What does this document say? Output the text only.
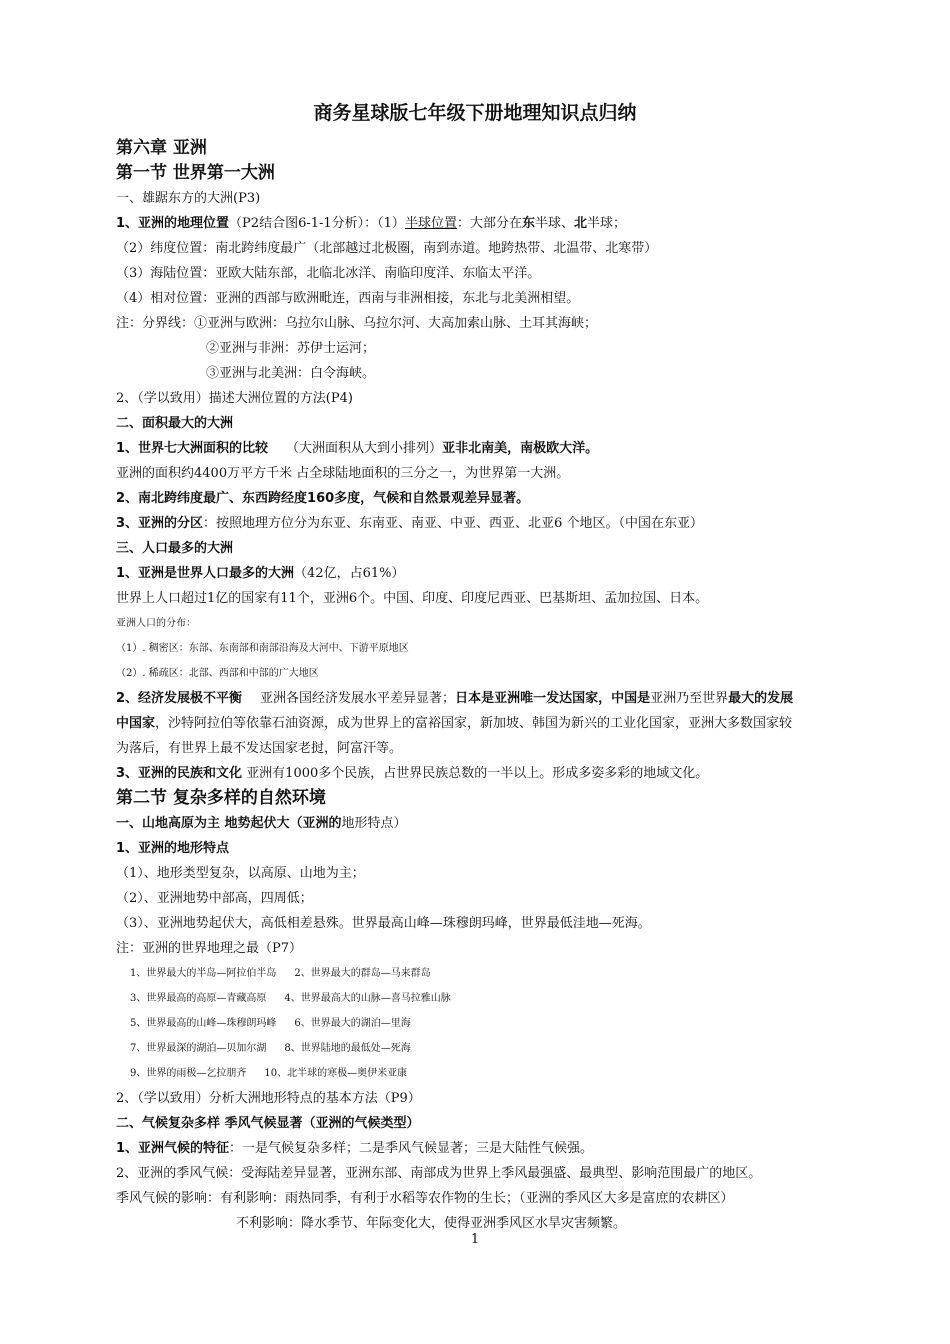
商务星球版七年级下册地理知识点归纳
第六章 亚洲
第一节 世界第一大洲
一、雄踞东方的大洲(P3)
1、亚洲的地理位置（P2结合图6-1-1分析）：（1）半球位置：大部分在东半球、北半球；
（2）纬度位置：南北跨纬度最广（北部越过北极圈，南到赤道。地跨热带、北温带、北寒带）
（3）海陆位置：亚欧大陆东部，北临北冰洋、南临印度洋、东临太平洋。
（4）相对位置：亚洲的西部与欧洲毗连，西南与非洲相接，东北与北美洲相望。
注：分界线：①亚洲与欧洲：乌拉尔山脉、乌拉尔河、大高加索山脉、土耳其海峡；
②亚洲与非洲：苏伊士运河；
③亚洲与北美洲：白令海峡。
2、（学以致用）描述大洲位置的方法(P4)
二、面积最大的大洲
1、世界七大洲面积的比较 （大洲面积从大到小排列）亚非北南美，南极欧大洋。
亚洲的面积约4400万平方千米 占全球陆地面积的三分之一，为世界第一大洲。
2、南北跨纬度最广、东西跨经度160多度，气候和自然景观差异显著。
3、亚洲的分区：按照地理方位分为东亚、东南亚、南亚、中亚、西亚、北亚6 个地区。（中国在东亚）
三、人口最多的大洲
1、亚洲是世界人口最多的大洲（42亿，占61%）
世界上人口超过1亿的国家有11个，亚洲6个。中国、印度、印度尼西亚、巴基斯坦、孟加拉国、日本。
亚洲人口的分布：
（1）. 稠密区：东部、东南部和南部沿海及大河中、下游平原地区
（2）. 稀疏区：北部、西部和中部的广大地区
2、经济发展极不平衡 亚洲各国经济发展水平差异显著；日本是亚洲唯一发达国家，中国是亚洲乃至世界最大的发展
中国家，沙特阿拉伯等依靠石油资源，成为世界上的富裕国家，新加坡、韩国为新兴的工业化国家，亚洲大多数国家较
为落后，有世界上最不发达国家老挝，阿富汗等。
3、亚洲的民族和文化 亚洲有1000多个民族，占世界民族总数的一半以上。形成多姿多彩的地域文化。
第二节 复杂多样的自然环境
一、山地高原为主 地势起伏大（亚洲的地形特点）
1、亚洲的地形特点
（1）、地形类型复杂，以高原、山地为主；
（2）、亚洲地势中部高，四周低；
（3）、亚洲地势起伏大，高低相差悬殊。世界最高山峰—珠穆朗玛峰，世界最低洼地—死海。
注：亚洲的世界地理之最（P7）
1、世界最大的半岛—阿拉伯半岛 2、世界最大的群岛—马来群岛
3、世界最高的高原—青藏高原 4、世界最高大的山脉—喜马拉雅山脉
5、世界最高的山峰—珠穆朗玛峰 6、世界最大的湖泊—里海
7、世界最深的湖泊—贝加尔湖 8、世界陆地的最低处—死海
9、世界的雨极—乞拉朋齐 10、北半球的寒极—奥伊米亚康
2、（学以致用）分析大洲地形特点的基本方法（P9）
二、气候复杂多样 季风气候显著（亚洲的气候类型）
1、亚洲气候的特征：一是气候复杂多样；二是季风气候显著；三是大陆性气候强。
2、亚洲的季风气候：受海陆差异显著，亚洲东部、南部成为世界上季风最强盛、最典型、影响范围最广的地区。
季风气候的影响：有利影响：雨热同季，有利于水稻等农作物的生长；（亚洲的季风区大多是富庶的农耕区）
不利影响：降水季节、年际变化大，使得亚洲季风区水旱灾害频繁。
1
